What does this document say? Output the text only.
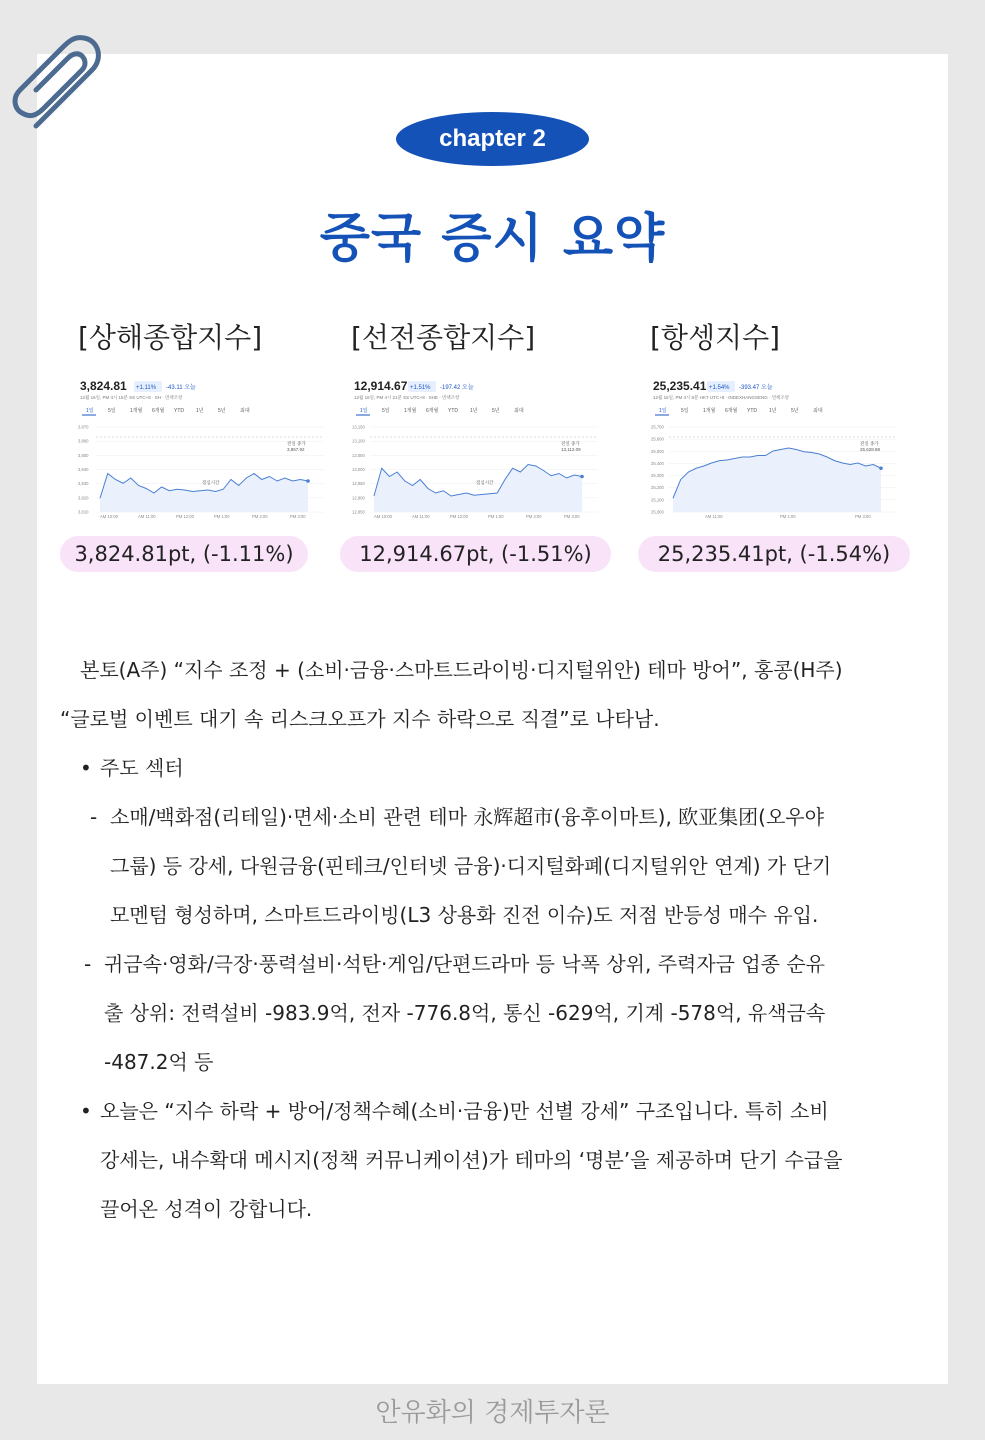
chapter 2
중국 증시 요약
[상해종합지수]	[선전종합지수]	[항셍지수]
3,824.81 +1.11% -43.11 오늘
12월 16일, PM 4시 15분 SS UTC+8 · SH · 면책조항
1일	5일	1개월 6개월 YTD 1년	5년	최대
3,870
3,860
3,850
3,840
3,830
3,820
3,810
AM 10:00	AM 11:00	PM 12:00	PM 1:00	PM 2:00	PM 3:00
전일 종가
3,867.92
점심시간
12,914.67 +1.51% -197.42 오늘
12월 16일, PM 4시 21분 SS UTC+8 · SHE · 면책조항
1일	5일	1개월 6개월 YTD 1년	5년	최대
13,150
13,100
13,050
13,000
12,950
12,900
12,850
AM 10:00	AM 11:00	PM 12:00	PM 1:00	PM 2:00	PM 3:00
전일 종가
13,112.09
점심시간
25,235.41 +1.54% -393.47 오늘
12월 16일, PM 4시 8분 HKT UTC+8 · INDEXHANGSENG · 면책조항
1일	5일	1개월 6개월 YTD 1년	5년	최대
25,700
25,600
25,500
25,400
25,300
25,200
25,100
25,000
AM 11:00	PM 1:00	PM 3:00
전일 종가
25,628.88
3,824.81pt, (-1.11%)	12,914.67pt, (-1.51%)	25,235.41pt, (-1.54%)

본토(A주) “지수 조정 + (소비·금융·스마트드라이빙·디지털위안) 테마 방어”, 홍콩(H주)

“글로벌 이벤트 대기 속 리스크오프가 지수 하락으로 직결”로 나타남.

• 주도 섹터

- 소매/백화점(리테일)·면세·소비 관련 테마 永辉超市(융후이마트), 欧亚集团(오우야

그룹) 등 강세, 다원금융(핀테크/인터넷 금융)·디지털화폐(디지털위안 연계) 가 단기

모멘텀 형성하며, 스마트드라이빙(L3 상용화 진전 이슈)도 저점 반등성 매수 유입.

- 귀금속·영화/극장·풍력설비·석탄·게임/단편드라마 등 낙폭 상위, 주력자금 업종 순유

출 상위: 전력설비 -983.9억, 전자 -776.8억, 통신 -629억, 기계 -578억, 유색금속

-487.2억 등

• 오늘은 “지수 하락 + 방어/정책수혜(소비·금융)만 선별 강세” 구조입니다. 특히 소비

강세는, 내수확대 메시지(정책 커뮤니케이션)가 테마의 ‘명분’을 제공하며 단기 수급을

끌어온 성격이 강합니다.

안유화의 경제투자론
